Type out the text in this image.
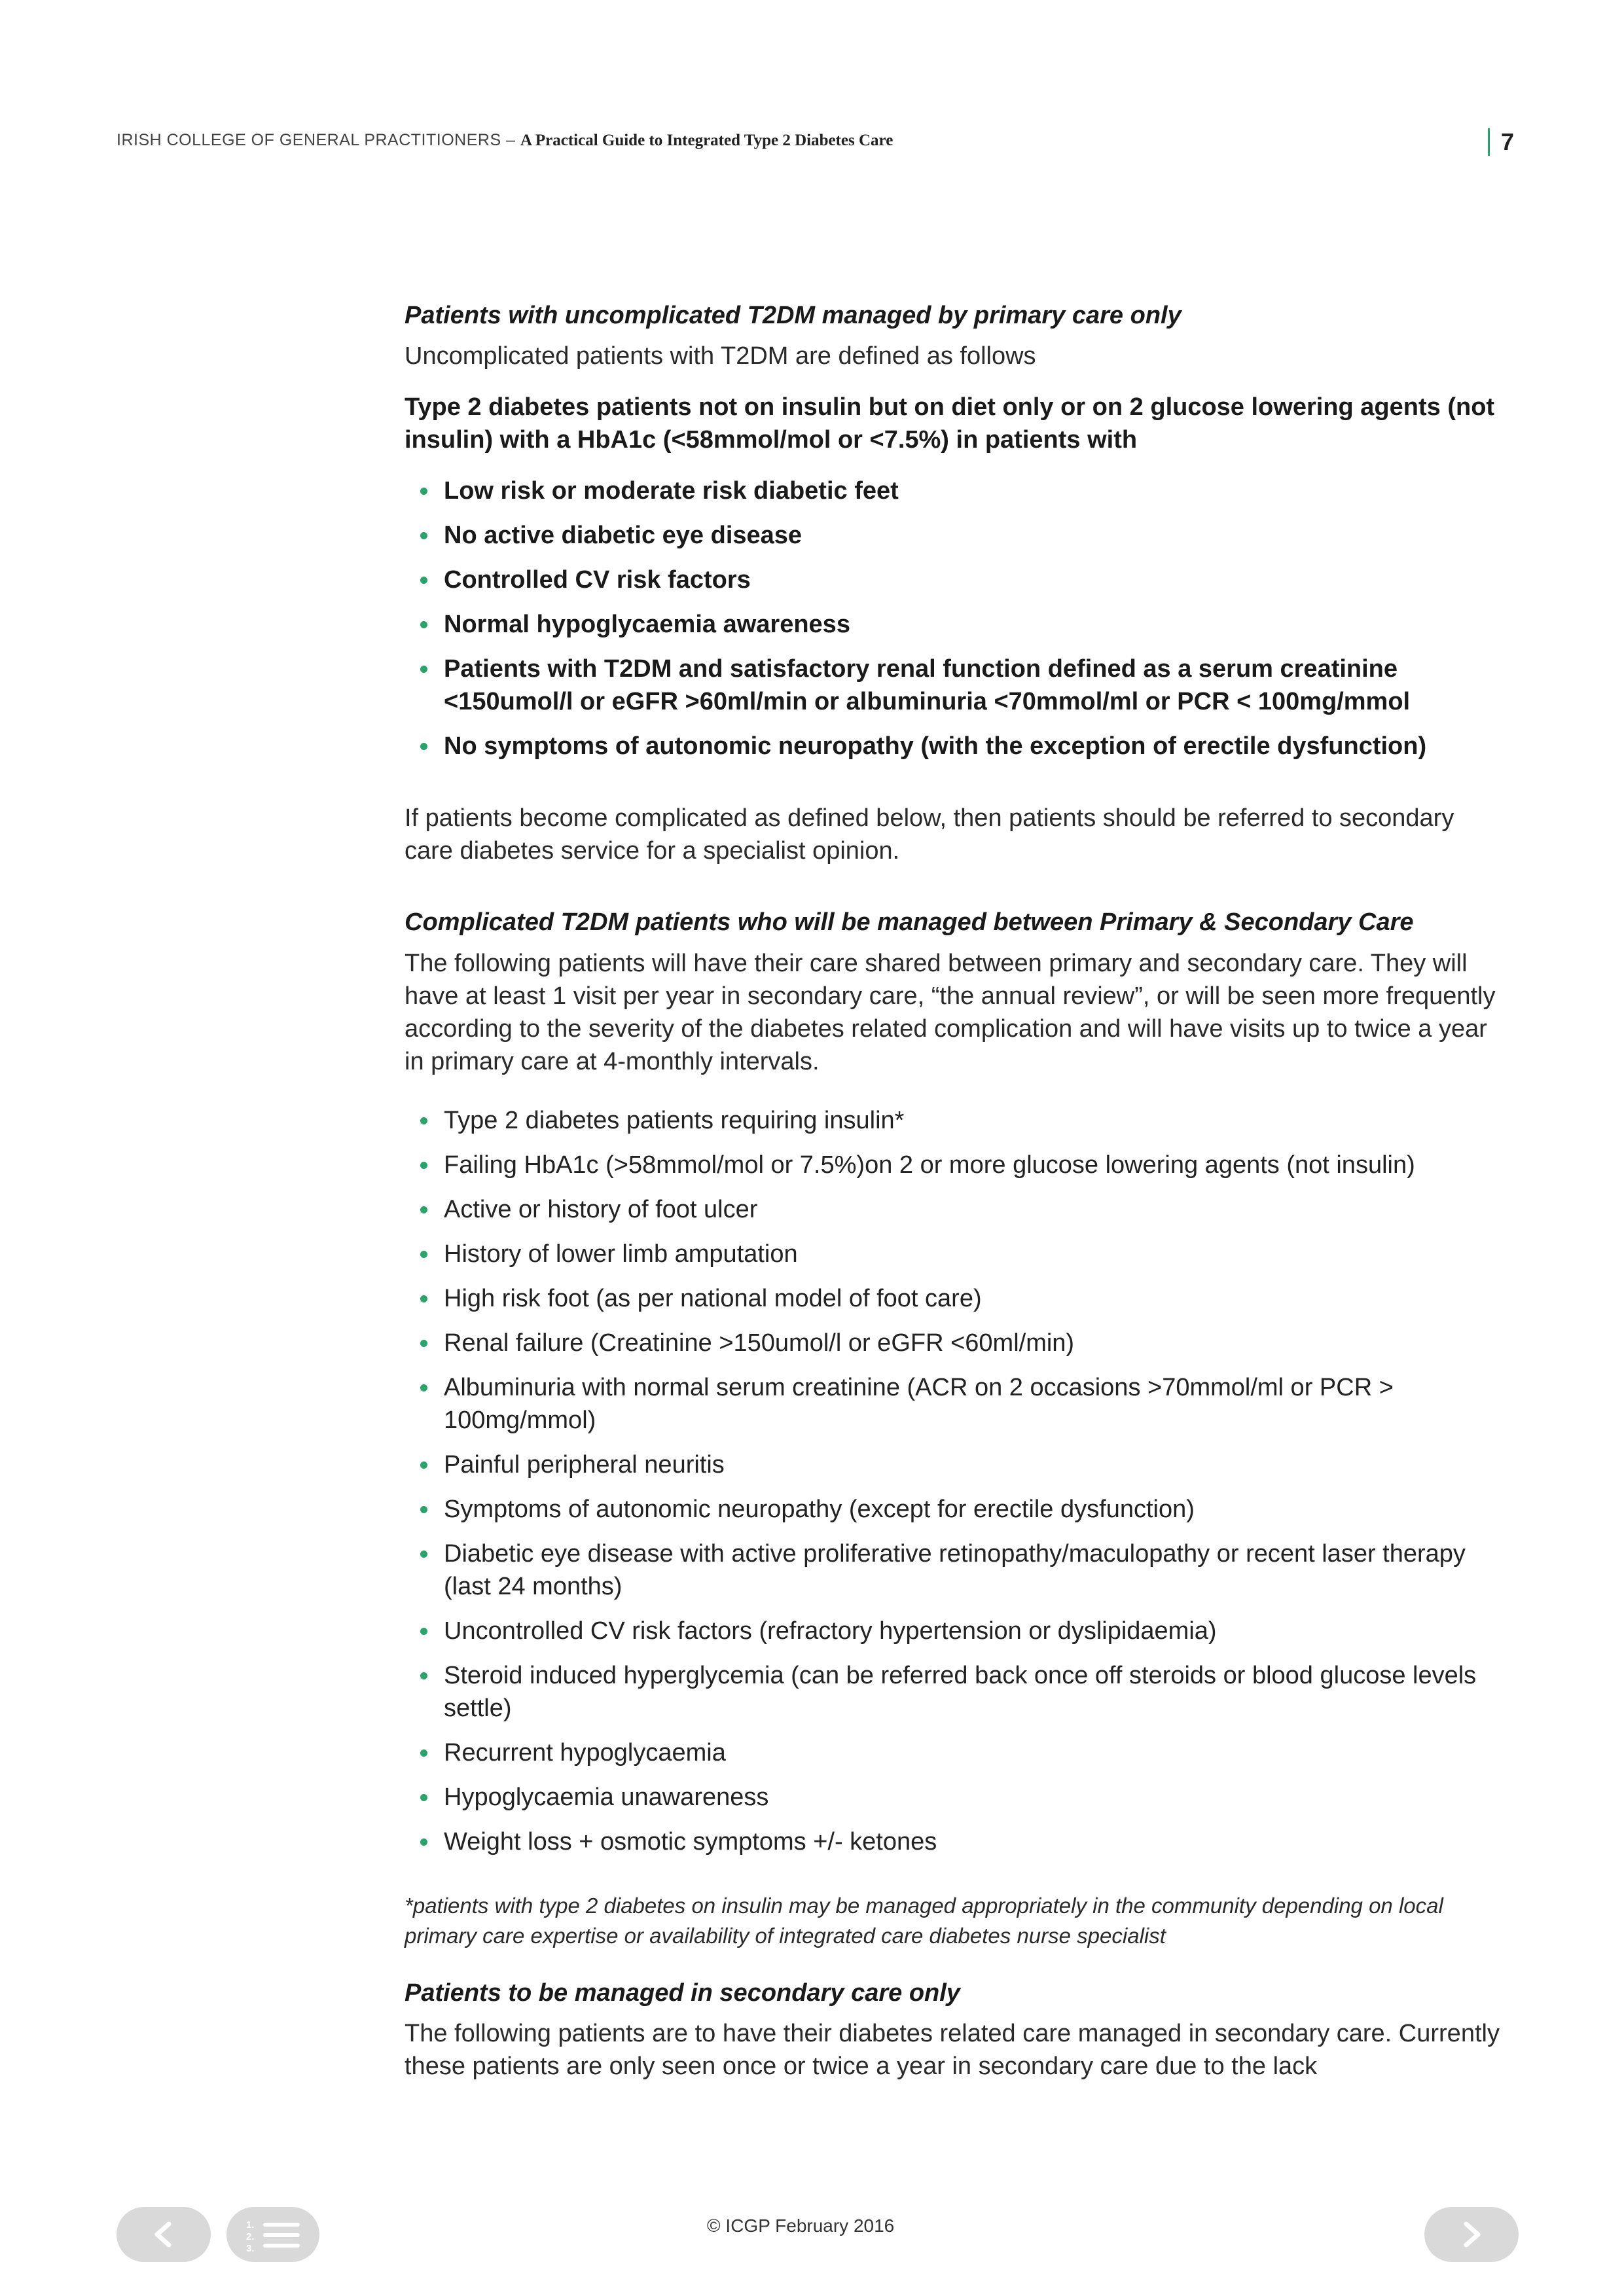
IRISH COLLEGE OF GENERAL PRACTITIONERS – A Practical Guide to Integrated Type 2 Diabetes Care	7
Patients with uncomplicated T2DM managed by primary care only

Uncomplicated patients with T2DM are defined as follows

Type 2 diabetes patients not on insulin but on diet only or on 2 glucose lowering agents (not insulin) with a HbA1c (<58mmol/mol or <7.5%) in patients with

Low risk or moderate risk diabetic feet
No active diabetic eye disease
Controlled CV risk factors
Normal hypoglycaemia awareness
Patients with T2DM and satisfactory renal function defined as a serum creatinine <150umol/l or eGFR >60ml/min or albuminuria <70mmol/ml or PCR < 100mg/mmol
No symptoms of autonomic neuropathy (with the exception of erectile dysfunction)

If patients become complicated as defined below, then patients should be referred to secondary care diabetes service for a specialist opinion.

Complicated T2DM patients who will be managed between Primary & Secondary Care

The following patients will have their care shared between primary and secondary care. They will have at least 1 visit per year in secondary care, “the annual review”, or will be seen more frequently according to the severity of the diabetes related complication and will have visits up to twice a year in primary care at 4-monthly intervals.

Type 2 diabetes patients requiring insulin*
Failing HbA1c (>58mmol/mol or 7.5%)on 2 or more glucose lowering agents (not insulin)
Active or history of foot ulcer
History of lower limb amputation
High risk foot (as per national model of foot care)
Renal failure (Creatinine >150umol/l or eGFR <60ml/min)
Albuminuria with normal serum creatinine (ACR on 2 occasions >70mmol/ml or PCR > 100mg/mmol)
Painful peripheral neuritis
Symptoms of autonomic neuropathy (except for erectile dysfunction)
Diabetic eye disease with active proliferative retinopathy/maculopathy or recent laser therapy (last 24 months)
Uncontrolled CV risk factors (refractory hypertension or dyslipidaemia)
Steroid induced hyperglycemia (can be referred back once off steroids or blood glucose levels settle)
Recurrent hypoglycaemia
Hypoglycaemia unawareness
Weight loss + osmotic symptoms +/- ketones

*patients with type 2 diabetes on insulin may be managed appropriately in the community depending on local primary care expertise or availability of integrated care diabetes nurse specialist

Patients to be managed in secondary care only

The following patients are to have their diabetes related care managed in secondary care. Currently these patients are only seen once or twice a year in secondary care due to the lack

1.
2.
3.
© ICGP February 2016
